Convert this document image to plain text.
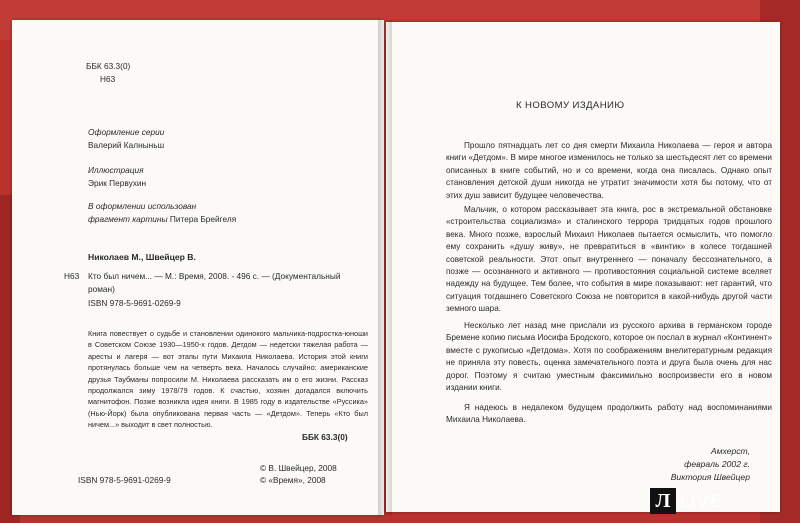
ББК 63.3(0)
Н63
Оформление серии
Валерий Калныньш
Иллюстрация
Эрик Первухин
В оформлении использован
фрагмент картины Питера Брейгеля
Николаев М., Швейцер В.
Н63 Кто был ничем... — М.: Время, 2008. - 496 с. — (Документальный
роман)
ISBN 978-5-9691-0269-9

Книга повествует о судьбе и становлении одинокого мальчика-подростка-юноши в Советском Союзе 1930—1950-х годов. Детдом — недетски тяжелая работа — аресты и лагеря — вот этапы пути Михаила Николаева. История этой книги протянулась больше чем на четверть века. Началось случайно: американские друзья Таубманы попросили М. Николаева рассказать им о его жизни. Рассказ продолжался зиму 1978/79 годов. К счастью, хозяин догадался включить магнитофон. Позже возникла идея книги. В 1985 году в издательстве «Руссика» (Нью-Йорк) была опубликована первая часть — «Детдом». Теперь «Кто был ничем...» выходит в свет полностью.

ББК 63.3(0)
© В. Швейцер, 2008
© «Время», 2008
ISBN 978-5-9691-0269-9
К НОВОМУ ИЗДАНИЮ

Прошло пятнадцать лет со дня смерти Михаила Николаева — героя и автора книги «Детдом». В мире многое изменилось не только за шестьдесят лет со времени описанных в книге событий, но и со времени, когда она писалась. Однако опыт становления детской души никогда не утратит значимости хотя бы потому, что от этих душ зависит будущее человечества.

Мальчик, о котором рассказывает эта книга, рос в экстремальной обстановке «строительства социализма» и сталинского террора тридцатых годов прошлого века. Много позже, взрослый Михаил Николаев пытается осмыслить, что помогло ему сохранить «душу живу», не превратиться в «винтик» в колесе тогдашней советской реальности. Этот опыт внутреннего — поначалу бессознательного, а позже — осознанного и активного — противостояния социальной системе вселяет надежду на будущее. Тем более, что события в мире показывают: нет гарантий, что ситуация тогдашнего Советского Союза не повторится в какой-нибудь другой части земного шара.

Несколько лет назад мне прислали из русского архива в германском городе Бремене копию письма Иосифа Бродского, которое он послал в журнал «Континент» вместе с рукописью «Детдома». Хотя по соображениям внелитературным редакция не приняла эту повесть, оценка замечательного поэта и друга была очень для нас дорог. Поэтому я считаю уместным факсимильно воспроизвести его в новом издании книги.

Я надеюсь в недалеком будущем продолжить работу над воспоминаниями Михаила Николаева.

Амхерст,
февраль 2002 г.
Виктория Швейцер
Л LIVE
